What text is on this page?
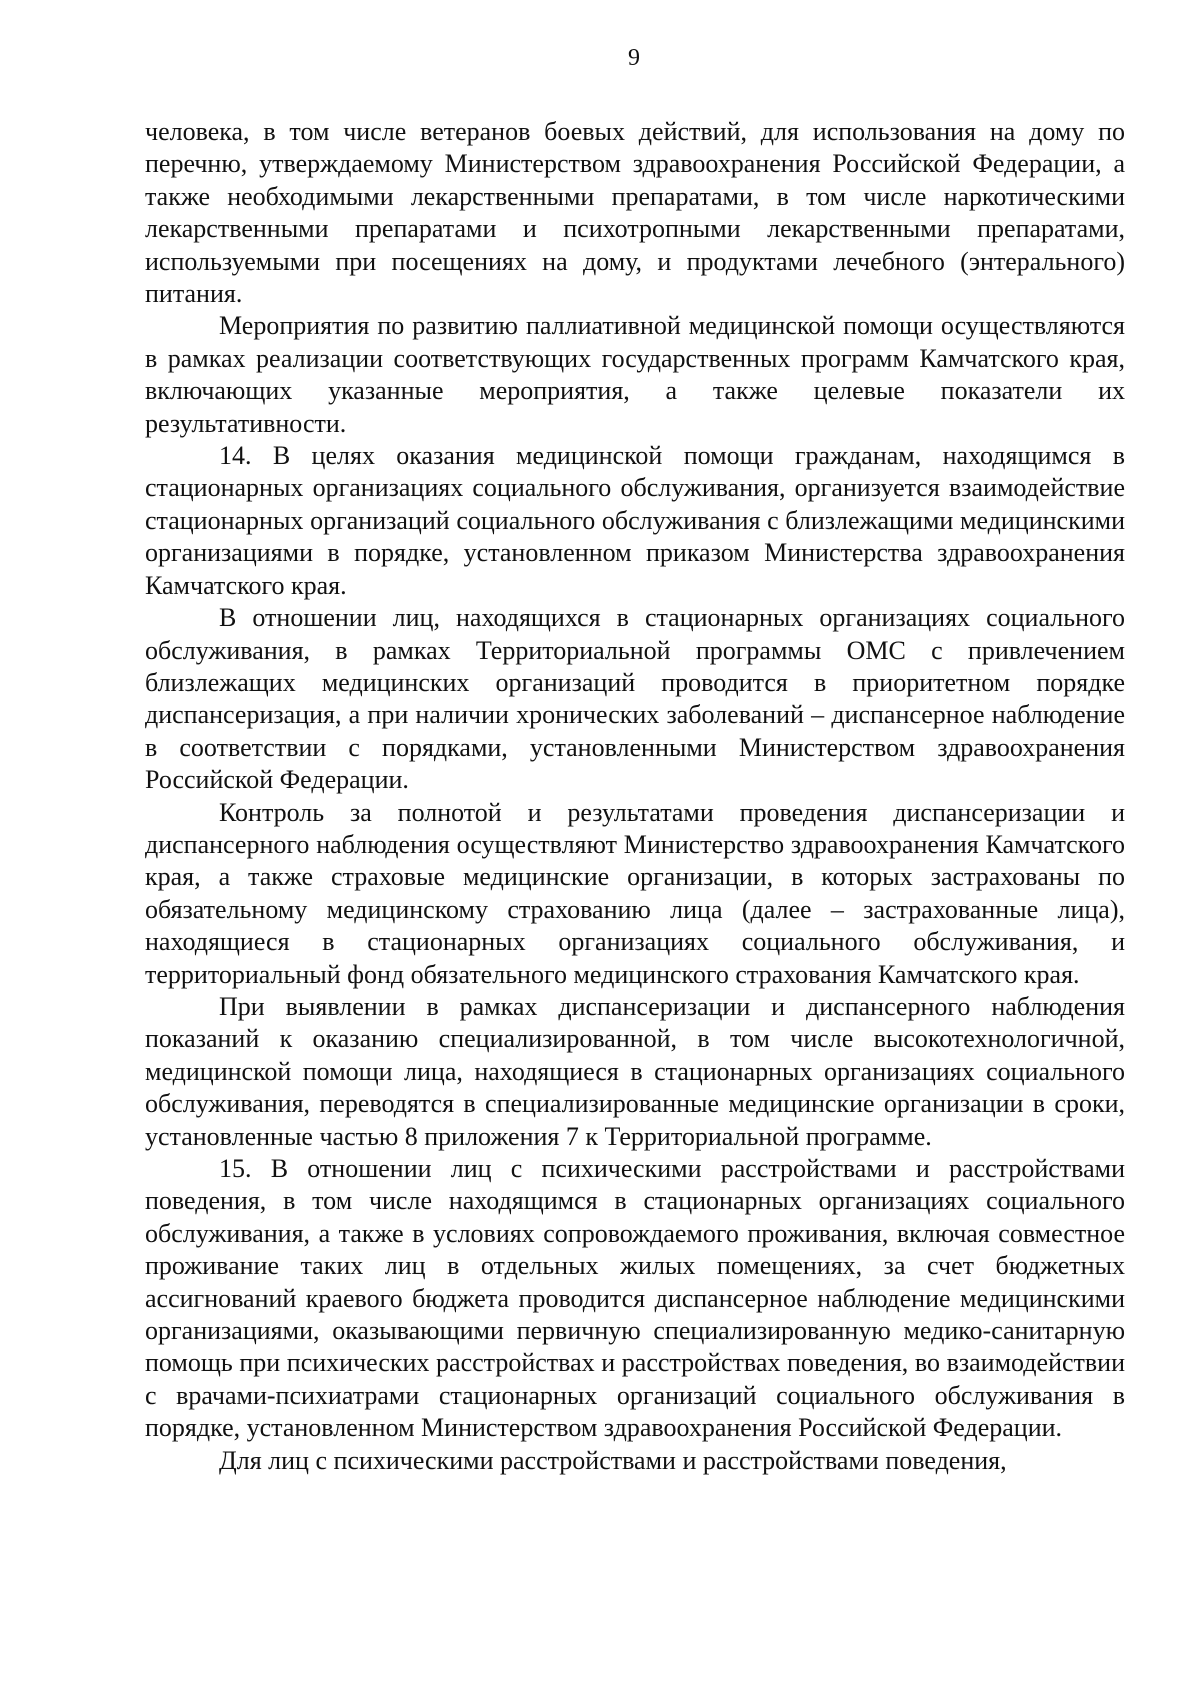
9

человека, в том числе ветеранов боевых действий, для использования на дому по перечню, утверждаемому Министерством здравоохранения Российской Федерации, а также необходимыми лекарственными препаратами, в том числе наркотическими лекарственными препаратами и психотропными лекарственными препаратами, используемыми при посещениях на дому, и продуктами лечебного (энтерального) питания.

Мероприятия по развитию паллиативной медицинской помощи осуществляются в рамках реализации соответствующих государственных программ Камчатского края, включающих указанные мероприятия, а также целевые показатели их результативности.

14. В целях оказания медицинской помощи гражданам, находящимся в стационарных организациях социального обслуживания, организуется взаимодействие стационарных организаций социального обслуживания с близлежащими медицинскими организациями в порядке, установленном приказом Министерства здравоохранения Камчатского края.

В отношении лиц, находящихся в стационарных организациях социального обслуживания, в рамках Территориальной программы ОМС с привлечением близлежащих медицинских организаций проводится в приоритетном порядке диспансеризация, а при наличии хронических заболеваний – диспансерное наблюдение в соответствии с порядками, установленными Министерством здравоохранения Российской Федерации.

Контроль за полнотой и результатами проведения диспансеризации и диспансерного наблюдения осуществляют Министерство здравоохранения Камчатского края, а также страховые медицинские организации, в которых застрахованы по обязательному медицинскому страхованию лица (далее – застрахованные лица), находящиеся в стационарных организациях социального обслуживания, и территориальный фонд обязательного медицинского страхования Камчатского края.

При выявлении в рамках диспансеризации и диспансерного наблюдения показаний к оказанию специализированной, в том числе высокотехнологичной, медицинской помощи лица, находящиеся в стационарных организациях социального обслуживания, переводятся в специализированные медицинские организации в сроки, установленные частью 8 приложения 7 к Территориальной программе.

15. В отношении лиц с психическими расстройствами и расстройствами поведения, в том числе находящимся в стационарных организациях социального обслуживания, а также в условиях сопровождаемого проживания, включая совместное проживание таких лиц в отдельных жилых помещениях, за счет бюджетных ассигнований краевого бюджета проводится диспансерное наблюдение медицинскими организациями, оказывающими первичную специализированную медико-санитарную помощь при психических расстройствах и расстройствах поведения, во взаимодействии с врачами-психиатрами стационарных организаций социального обслуживания в порядке, установленном Министерством здравоохранения Российской Федерации.

Для лиц с психическими расстройствами и расстройствами поведения,
